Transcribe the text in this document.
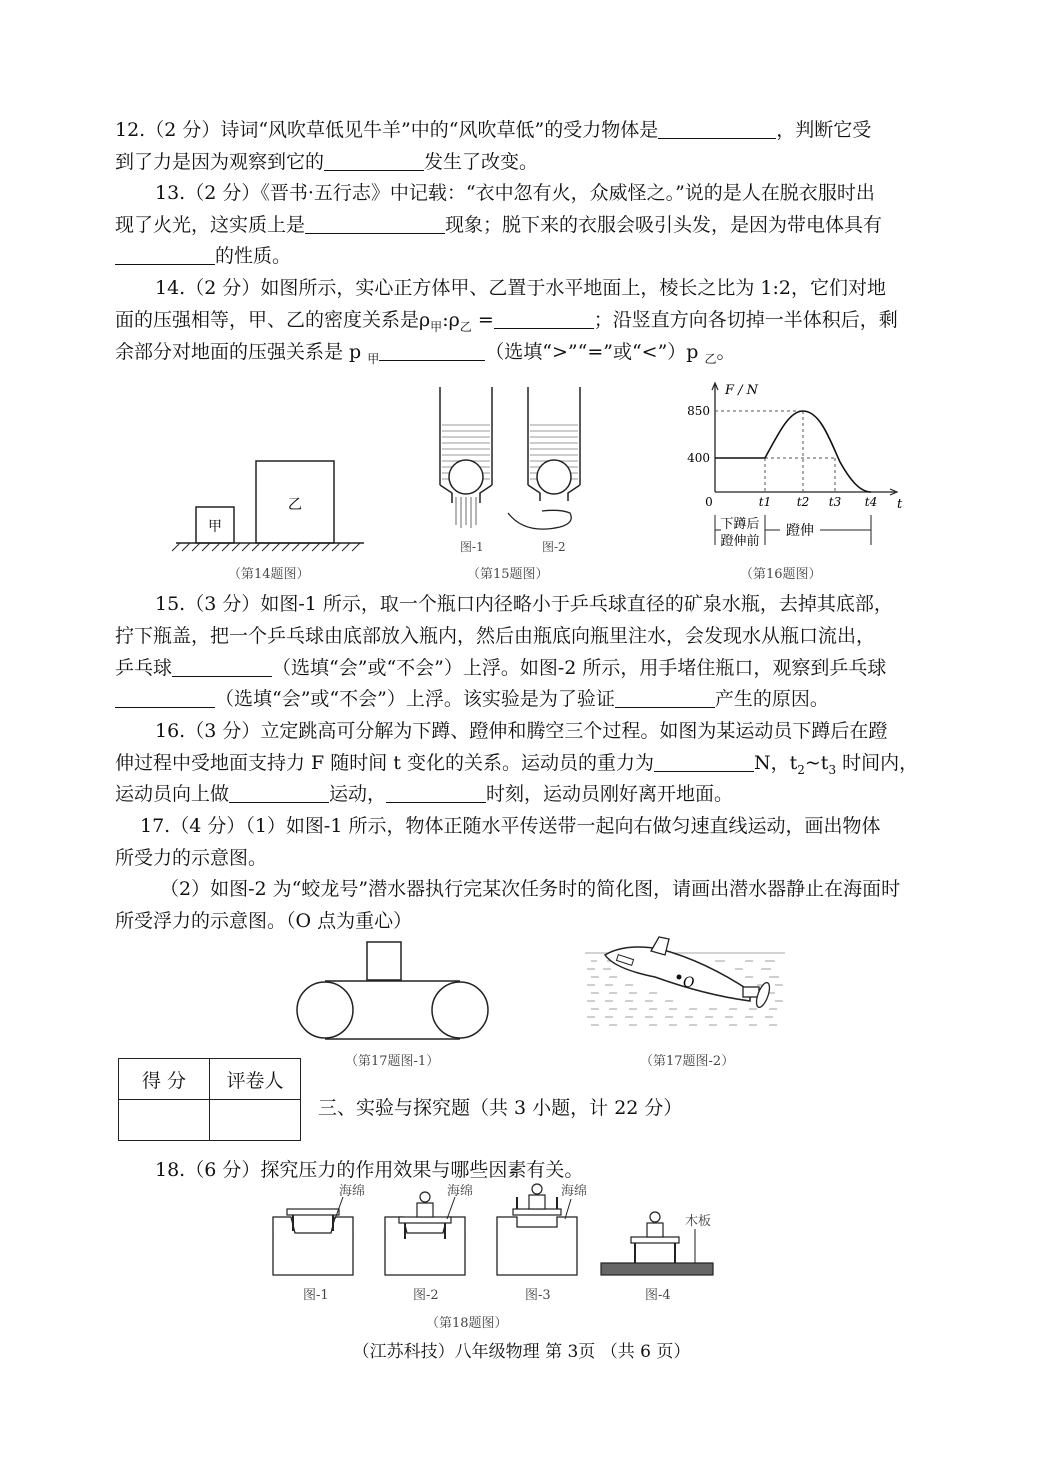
12.（2 分）诗词“风吹草低见牛羊”中的“风吹草低”的受力物体是	，判断它受
到了力是因为观察到它的	发生了改变。
13.（2 分）《晋书·五行志》中记载：“衣中忽有火，众威怪之。”说的是人在脱衣服时出
现了火光，这实质上是	现象；脱下来的衣服会吸引头发，是因为带电体具有
的性质。
14.（2 分）如图所示，实心正方体甲、乙置于水平地面上，棱长之比为 1:2，它们对地
面的压强相等，甲、乙的密度关系是$\rho_甲:\rho_乙$ =	；沿竖直方向各切掉一半体积后，剩
余部分对地面的压强关系是 p $_甲$	（选填“>”“=”或“<”）p $_乙$。
甲
乙
（第14题图）
图-1	图-2
（第15题图）
F / N
850
400
0	t1 t2 t3 t4 t
下蹲后
蹬伸前
蹬伸
（第16题图）
15.（3 分）如图-1 所示，取一个瓶口内径略小于乒乓球直径的矿泉水瓶，去掉其底部，
拧下瓶盖，把一个乒乓球由底部放入瓶内，然后由瓶底向瓶里注水，会发现水从瓶口流出，
乒乓球	（选填“会”或“不会”）上浮。如图-2 所示，用手堵住瓶口，观察到乒乓球
（选填“会”或“不会”）上浮。该实验是为了验证	产生的原因。
16.（3 分）立定跳高可分解为下蹲、蹬伸和腾空三个过程。如图为某运动员下蹲后在蹬
伸过程中受地面支持力 F 随时间 t 变化的关系。运动员的重力为	N，$t_2\sim t_3$ 时间内，
运动员向上做	运动，	时刻，运动员刚好离开地面。
17.（4 分）（1）如图-1 所示，物体正随水平传送带一起向右做匀速直线运动，画出物体
所受力的示意图。
（2）如图-2 为“蛟龙号”潜水器执行完某次任务时的简化图，请画出潜水器静止在海面时
所受浮力的示意图。（O 点为重心）
（第17题图-1）
O
（第17题图-2）
得 分	评卷人

三、实验与探究题（共 3 小题，计 22 分）
18.（6 分）探究压力的作用效果与哪些因素有关。
海绵
图-1
海绵
图-2
海绵
图-3
木板
图-4
（第18题图）
（江苏科技）八年级物理 第 3页 （共 6 页）
